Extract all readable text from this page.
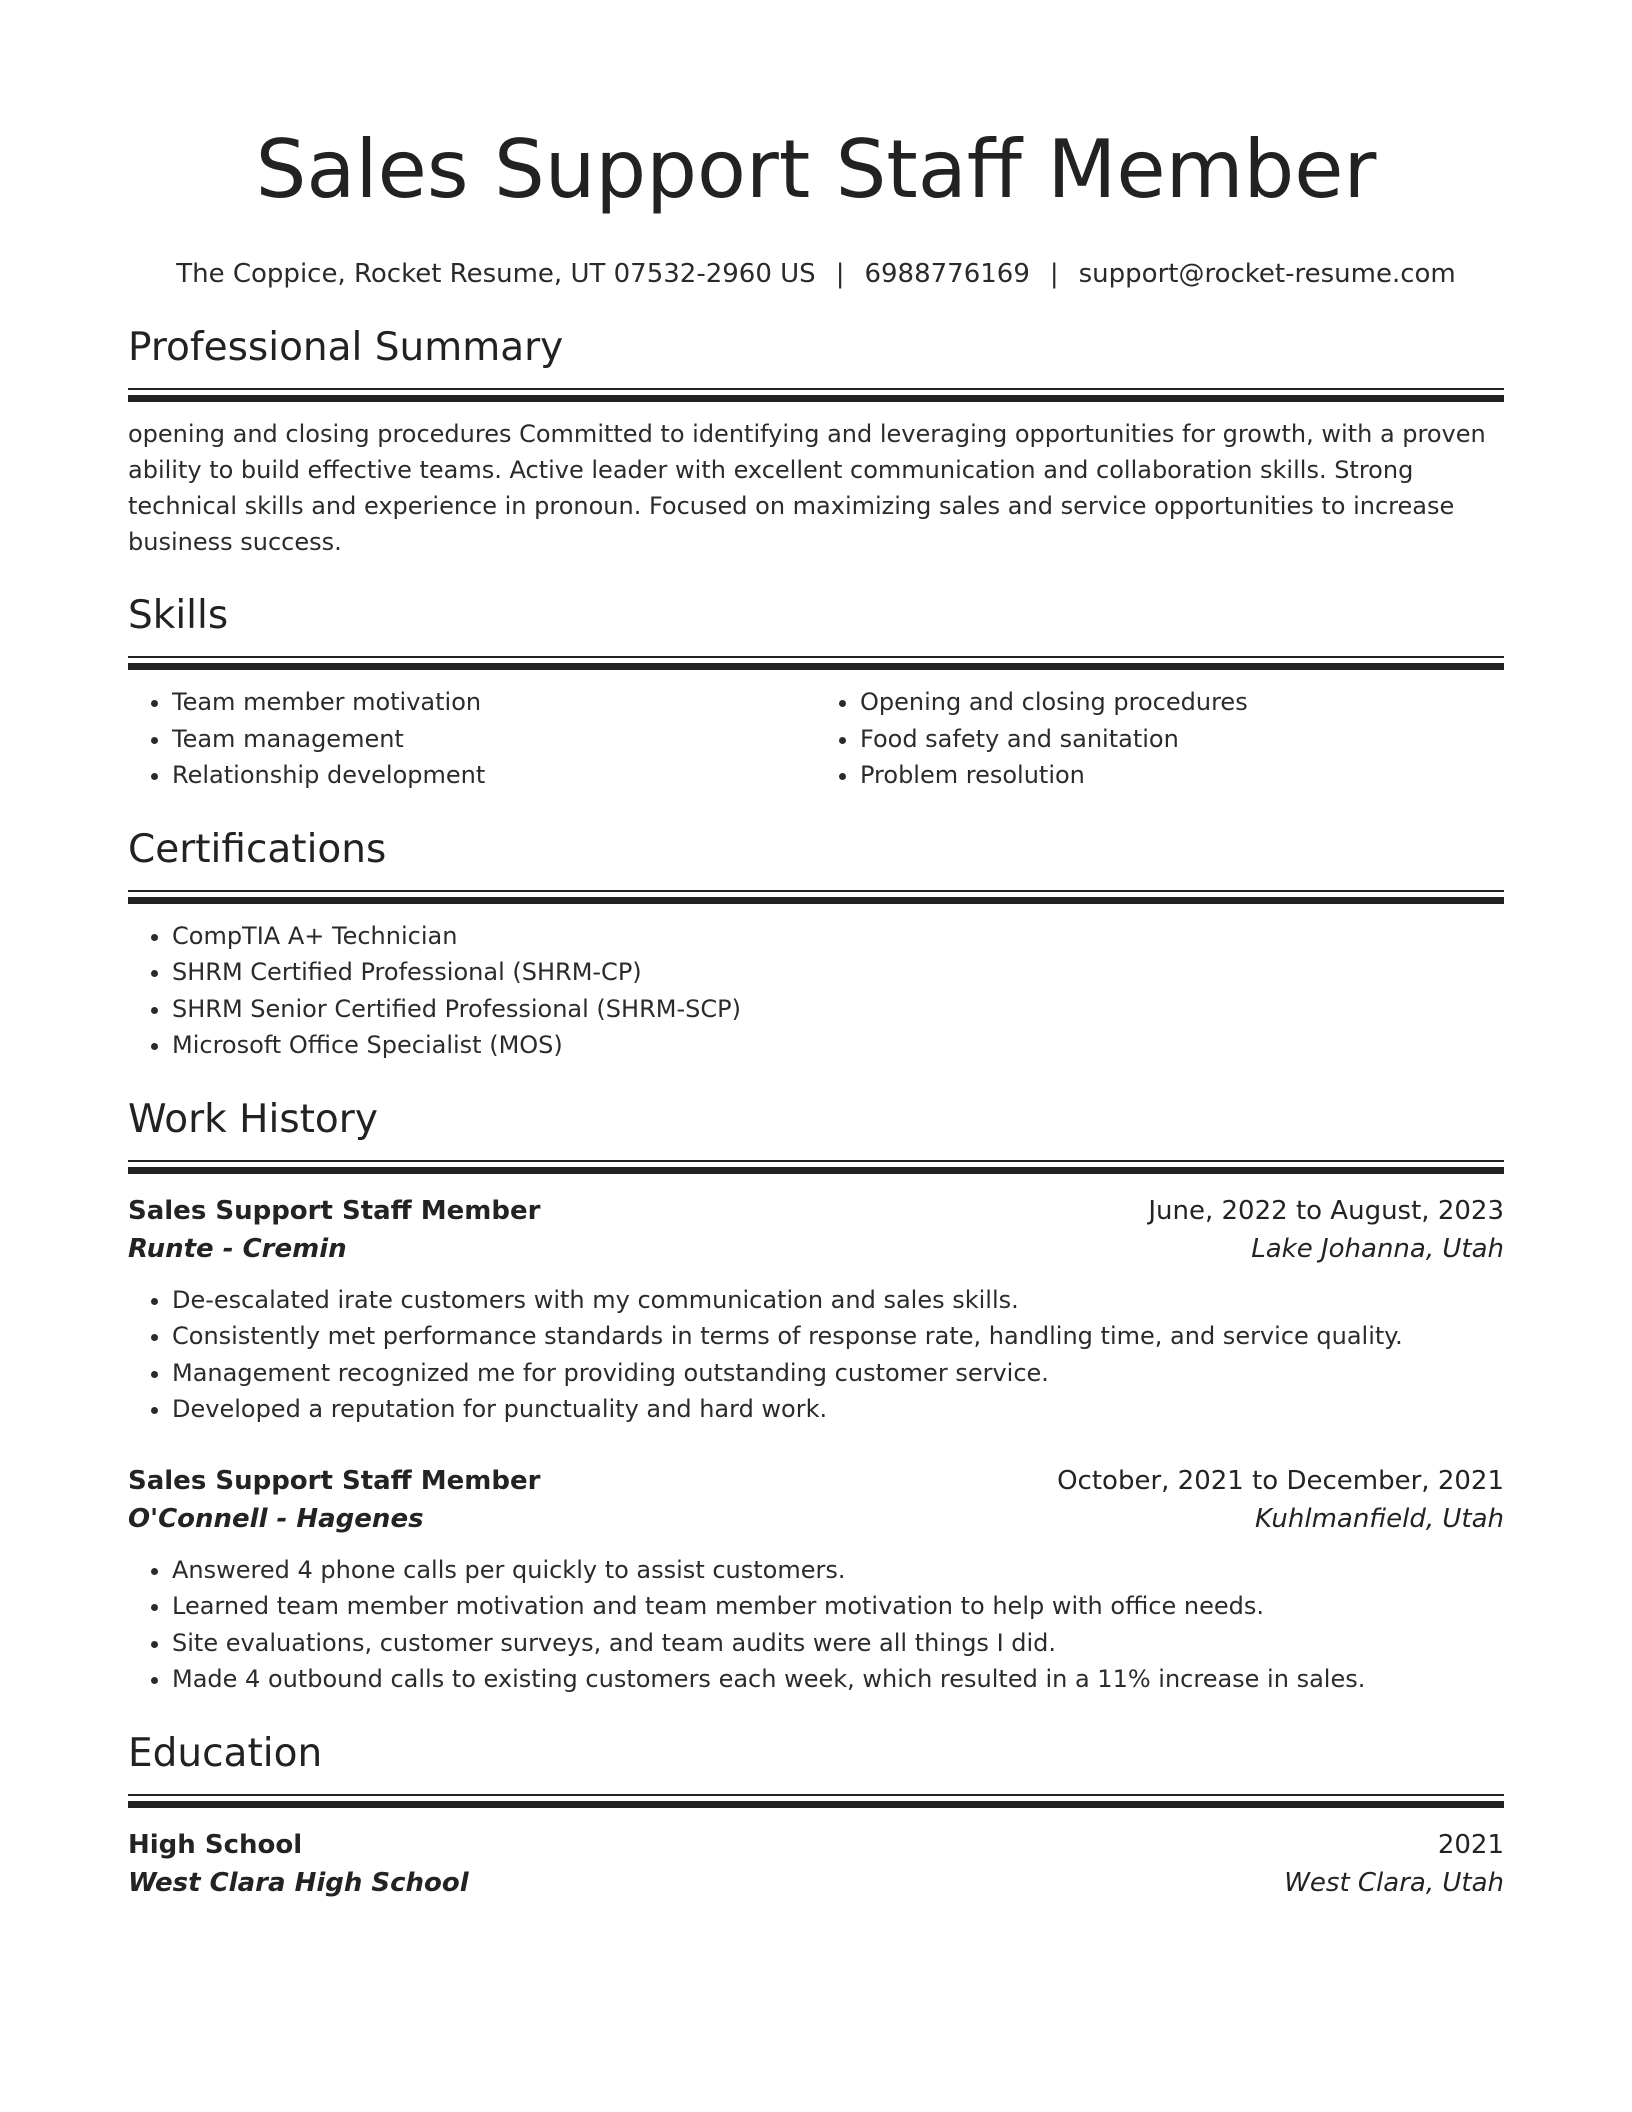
Sales Support Staff Member
The Coppice, Rocket Resume, UT 07532-2960 US | 6988776169 | support@rocket-resume.com
Professional Summary
opening and closing procedures Committed to identifying and leveraging opportunities for growth, with a proven ability to build effective teams. Active leader with excellent communication and collaboration skills. Strong technical skills and experience in pronoun. Focused on maximizing sales and service opportunities to increase business success.
Skills
• Team member motivation
• Team management
• Relationship development
• Opening and closing procedures
• Food safety and sanitation
• Problem resolution
Certifications
• CompTIA A+ Technician
• SHRM Certified Professional (SHRM-CP)
• SHRM Senior Certified Professional (SHRM-SCP)
• Microsoft Office Specialist (MOS)
Work History
Sales Support Staff Member	June, 2022 to August, 2023
Runte - Cremin	Lake Johanna, Utah
• De-escalated irate customers with my communication and sales skills.
• Consistently met performance standards in terms of response rate, handling time, and service quality.
• Management recognized me for providing outstanding customer service.
• Developed a reputation for punctuality and hard work.
Sales Support Staff Member	October, 2021 to December, 2021
O'Connell - Hagenes	Kuhlmanfield, Utah
• Answered 4 phone calls per quickly to assist customers.
• Learned team member motivation and team member motivation to help with office needs.
• Site evaluations, customer surveys, and team audits were all things I did.
• Made 4 outbound calls to existing customers each week, which resulted in a 11% increase in sales.
Education
High School	2021
West Clara High School	West Clara, Utah
